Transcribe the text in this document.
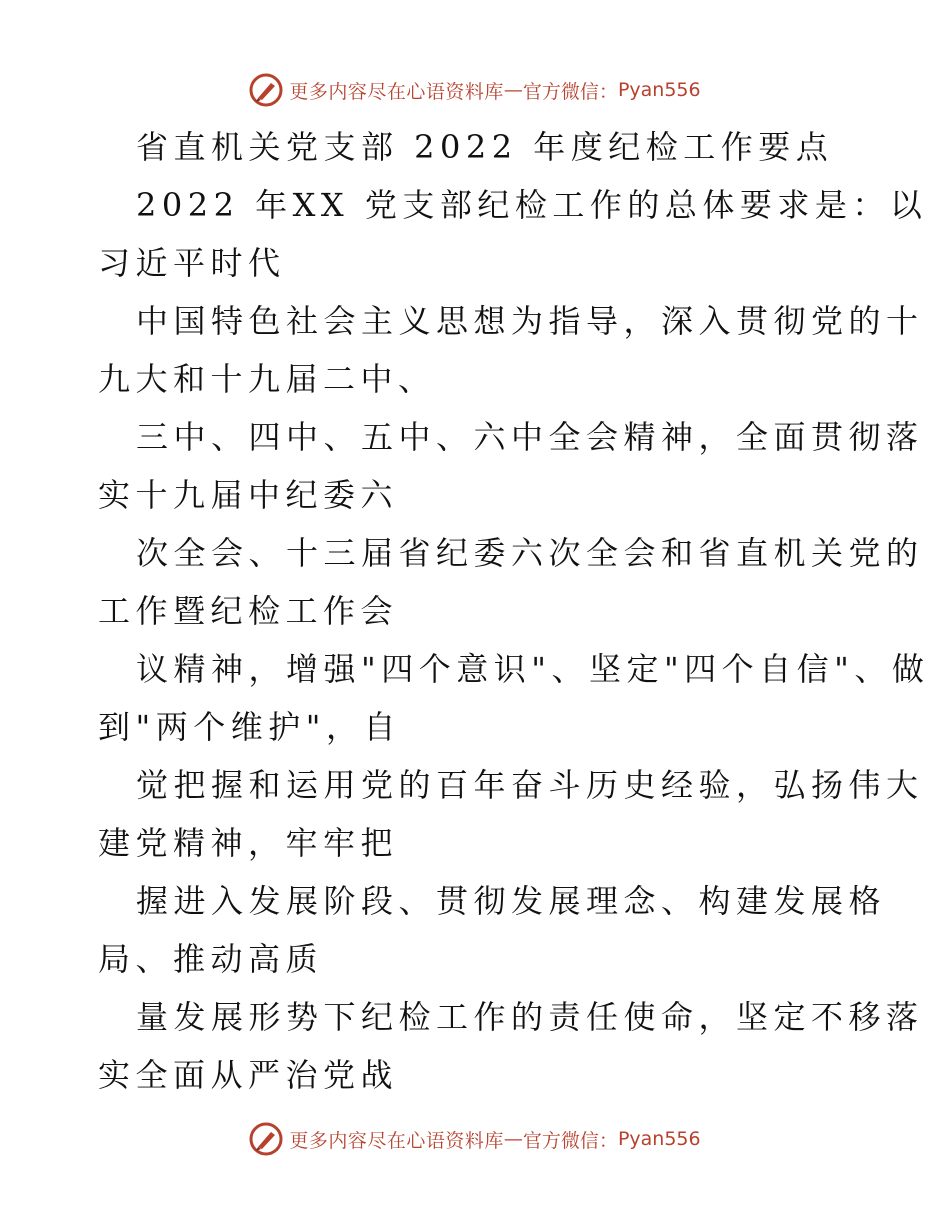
更多内容尽在心语资料库 — 官方微信： Pyan556
省直机关党支部 2022 年度纪检工作要点
2022 年XX 党支部纪检工作的总体要求是：以
习近平时代
中国特色社会主义思想为指导，深入贯彻党的十
九大和十九届二中、
三中、四中、五中、六中全会精神，全面贯彻落
实十九届中纪委六
次全会、十三届省纪委六次全会和省直机关党的
工作暨纪检工作会
议精神，增强"四个意识"、坚定"四个自信"、做
到"两个维护"，自
觉把握和运用党的百年奋斗历史经验，弘扬伟大
建党精神，牢牢把
握进入发展阶段、贯彻发展理念、构建发展格
局、推动高质
量发展形势下纪检工作的责任使命，坚定不移落
实全面从严治党战
更多内容尽在心语资料库 — 官方微信： Pyan556
